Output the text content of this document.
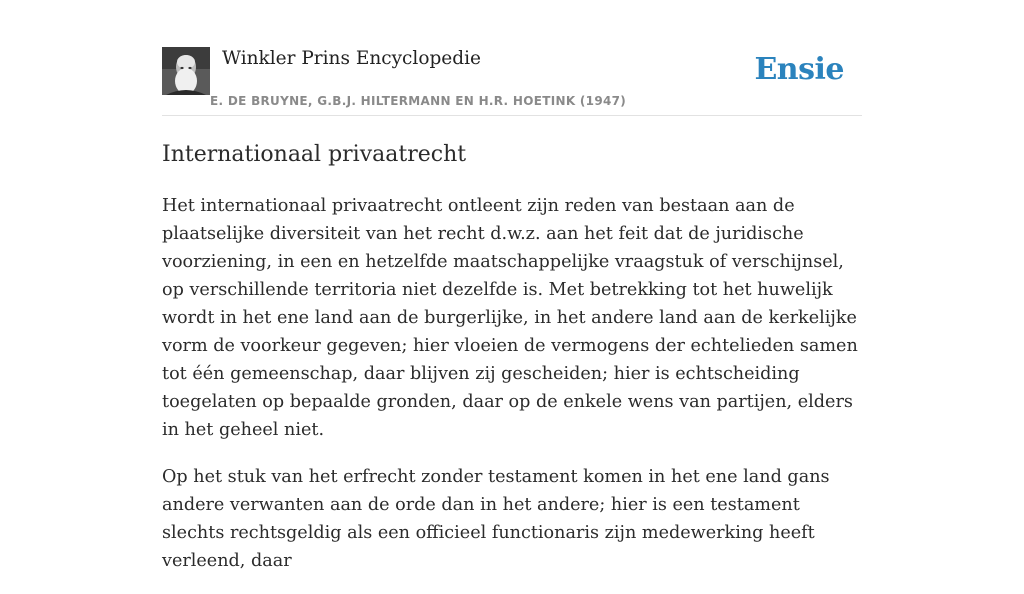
Winkler Prins Encyclopedie
E. DE BRUYNE, G.B.J. HILTERMANN EN H.R. HOETINK (1947)
Ensie
Internationaal privaatrecht

Het internationaal privaatrecht ontleent zijn reden van bestaan aan de plaatselijke diversiteit van het recht d.w.z. aan het feit dat de juridische voorziening, in een en hetzelfde maatschappelijke vraagstuk of verschijnsel, op verschillende territoria niet dezelfde is. Met betrekking tot het huwelijk wordt in het ene land aan de burgerlijke, in het andere land aan de kerkelijke vorm de voorkeur gegeven; hier vloeien de vermogens der echtelieden samen tot één gemeenschap, daar blijven zij gescheiden; hier is echtscheiding toegelaten op bepaalde gronden, daar op de enkele wens van partijen, elders in het geheel niet.

Op het stuk van het erfrecht zonder testament komen in het ene land gans andere verwanten aan de orde dan in het andere; hier is een testament slechts rechtsgeldig als een officieel functionaris zijn medewerking heeft verleend, daar
